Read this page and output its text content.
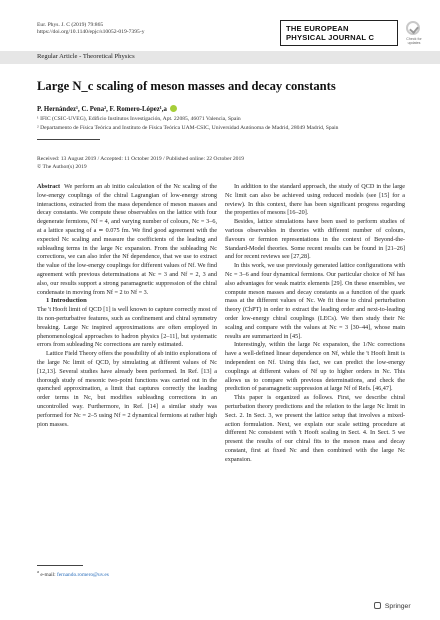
Eur. Phys. J. C (2019) 79:865
https://doi.org/10.1140/epjc/s10052-019-7395-y	THE EUROPEAN
PHYSICAL JOURNAL C	Check for updates
Regular Article - Theoretical Physics
Large N_c scaling of meson masses and decay constants
P. Hernández¹, C. Pena², F. Romero-López¹,a
¹ IFIC (CSIC-UVEG), Edificio Institutos Investigación, Apt. 22085, 46071 Valencia, Spain
² Departamento de Física Teórica and Instituto de Física Teórica UAM-CSIC, Universidad Autónoma de Madrid, 28049 Madrid, Spain
Received: 13 August 2019 / Accepted: 11 October 2019 / Published online: 22 October 2019
© The Author(s) 2019

Abstract We perform an ab initio calculation of the Nc scaling of the low-energy couplings of the chiral Lagrangian of low-energy strong interactions, extracted from the mass dependence of meson masses and decay constants. We compute these observables on the lattice with four degenerate fermions, Nf = 4, and varying number of colours, Nc = 3–6, at a lattice spacing of a ≃ 0.075 fm. We find good agreement with the expected Nc scaling and measure the coefficients of the leading and subleading terms in the large Nc expansion. From the subleading Nc corrections, we can also infer the Nf dependence, that we use to extract the value of the low-energy couplings for different values of Nf. We find agreement with previous determinations at Nc = 3 and Nf = 2, 3 and also, our results support a strong paramagnetic suppression of the chiral condensate in moving from Nf = 2 to Nf = 3.

1 Introduction

The 't Hooft limit of QCD [1] is well known to capture correctly most of its non-perturbative features, such as confinement and chiral symmetry breaking. Large Nc inspired approximations are often employed in phenomenological approaches to hadron physics [2–11], but systematic errors from subleading Nc corrections are rarely estimated.

Lattice Field Theory offers the possibility of ab initio explorations of the large Nc limit of QCD, by simulating at different values of Nc [12,13]. Several studies have already been performed. In Ref. [13] a thorough study of mesonic two-point functions was carried out in the quenched approximation, a limit that captures correctly the leading order terms in Nc, but modifies subleading corrections in an uncontrolled way. Furthermore, in Ref. [14] a similar study was performed for Nc = 2–5 using Nf = 2 dynamical fermions at rather high pion masses.

In addition to the standard approach, the study of QCD in the large Nc limit can also be achieved using reduced models (see [15] for a review). In this context, there has been significant progress regarding the properties of mesons [16–20].

Besides, lattice simulations have been used to perform studies of various observables in theories with different number of colours, flavours or fermion representations in the context of Beyond-the-Standard-Model theories. Some recent results can be found in [21–26] and for recent reviews see [27,28].

In this work, we use previously generated lattice configurations with Nc = 3–6 and four dynamical fermions. Our particular choice of Nf has also advantages for weak matrix elements [29]. On these ensembles, we compute meson masses and decay constants as a function of the quark mass at the different values of Nc. We fit these to chiral perturbation theory (ChPT) in order to extract the leading order and next-to-leading order low-energy chiral couplings (LECs). We then study their Nc scaling and compare with the values at Nc = 3 [30–44], whose main results are summarized in [45].

Interestingly, within the large Nc expansion, the 1/Nc corrections have a well-defined linear dependence on Nf, while the 't Hooft limit is independent on Nf. Using this fact, we can predict the low-energy couplings at different values of Nf up to higher orders in Nc. This allows us to compare with previous determinations, and check the prediction of paramagnetic suppression at large Nf of Refs. [46,47].

This paper is organized as follows. First, we describe chiral perturbation theory predictions and the relation to the large Nc limit in Sect. 2. In Sect. 3, we present the lattice setup that involves a mixed-action formulation. Next, we explain our scale setting procedure at different Nc consistent with 't Hooft scaling in Sect. 4. In Sect. 5 we present the results of our chiral fits to the meson mass and decay constant, first at fixed Nc and then combined with the large Nc expansion.

$^a$ e-mail: fernando.romero@uv.es
Springer
